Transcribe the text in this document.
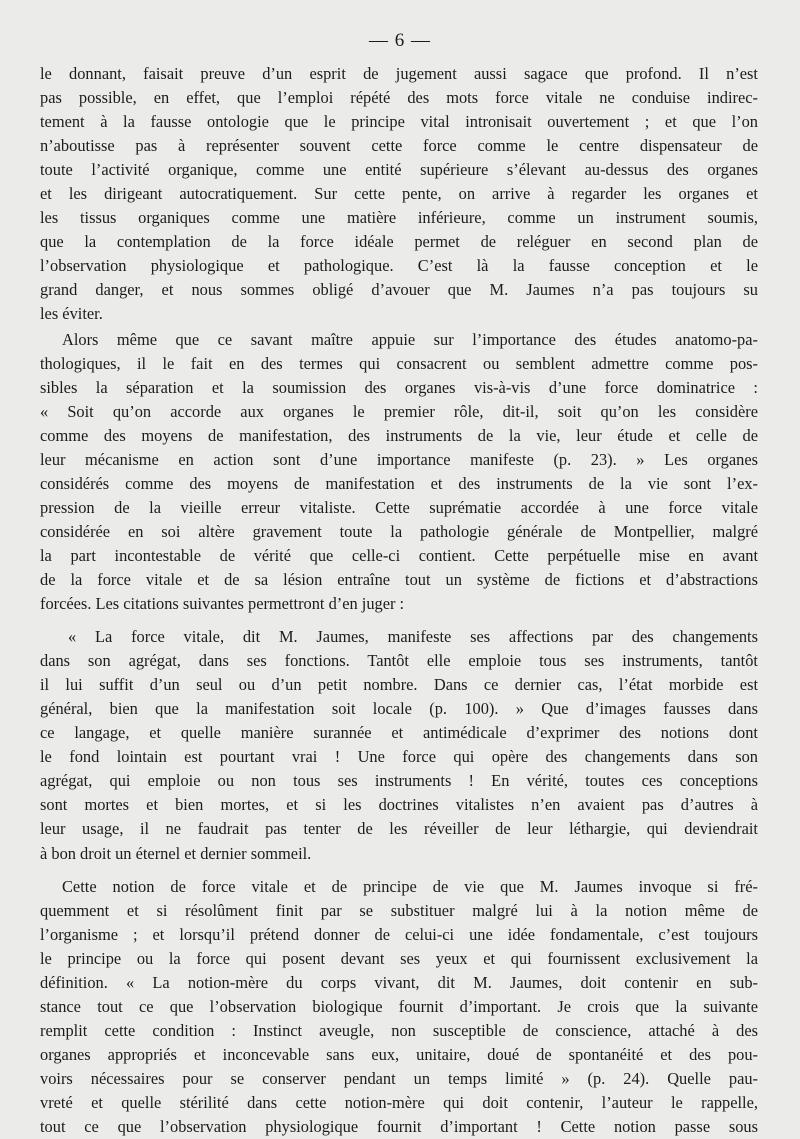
— 6 —
le donnant, faisait preuve d’un esprit de jugement aussi sagace que profond. Il n’est
pas possible, en effet, que l’emploi répété des mots force vitale ne conduise indirec-
tement à la fausse ontologie que le principe vital intronisait ouvertement ; et que l’on
n’aboutisse pas à représenter souvent cette force comme le centre dispensateur de
toute l’activité organique, comme une entité supérieure s’élevant au-dessus des organes
et les dirigeant autocratiquement. Sur cette pente, on arrive à regarder les organes et
les tissus organiques comme une matière inférieure, comme un instrument soumis,
que la contemplation de la force idéale permet de reléguer en second plan de
l’observation physiologique et pathologique. C’est là la fausse conception et le
grand danger, et nous sommes obligé d’avouer que M. Jaumes n’a pas toujours su
les éviter.
Alors même que ce savant maître appuie sur l’importance des études anatomo-pa-
thologiques, il le fait en des termes qui consacrent ou semblent admettre comme pos-
sibles la séparation et la soumission des organes vis-à-vis d’une force dominatrice :
« Soit qu’on accorde aux organes le premier rôle, dit-il, soit qu’on les considère
comme des moyens de manifestation, des instruments de la vie, leur étude et celle de
leur mécanisme en action sont d’une importance manifeste (p. 23). » Les organes
considérés comme des moyens de manifestation et des instruments de la vie sont l’ex-
pression de la vieille erreur vitaliste. Cette suprématie accordée à une force vitale
considérée en soi altère gravement toute la pathologie générale de Montpellier, malgré
la part incontestable de vérité que celle-ci contient. Cette perpétuelle mise en avant
de la force vitale et de sa lésion entraîne tout un système de fictions et d’abstractions
forcées. Les citations suivantes permettront d’en juger :
« La force vitale, dit M. Jaumes, manifeste ses affections par des changements
dans son agrégat, dans ses fonctions. Tantôt elle emploie tous ses instruments, tantôt
il lui suffit d’un seul ou d’un petit nombre. Dans ce dernier cas, l’état morbide est
général, bien que la manifestation soit locale (p. 100). » Que d’images fausses dans
ce langage, et quelle manière surannée et antimédicale d’exprimer des notions dont
le fond lointain est pourtant vrai ! Une force qui opère des changements dans son
agrégat, qui emploie ou non tous ses instruments ! En vérité, toutes ces conceptions
sont mortes et bien mortes, et si les doctrines vitalistes n’en avaient pas d’autres à
leur usage, il ne faudrait pas tenter de les réveiller de leur léthargie, qui deviendrait
à bon droit un éternel et dernier sommeil.
Cette notion de force vitale et de principe de vie que M. Jaumes invoque si fré-
quemment et si résolûment finit par se substituer malgré lui à la notion même de
l’organisme ; et lorsqu’il prétend donner de celui-ci une idée fondamentale, c’est toujours
le principe ou la force qui posent devant ses yeux et qui fournissent exclusivement la
définition. « La notion-mère du corps vivant, dit M. Jaumes, doit contenir en sub-
stance tout ce que l’observation biologique fournit d’important. Je crois que la suivante
remplit cette condition : Instinct aveugle, non susceptible de conscience, attaché à des
organes appropriés et inconcevable sans eux, unitaire, doué de spontanéité et des pou-
voirs nécessaires pour se conserver pendant un temps limité » (p. 24). Quelle pau-
vreté et quelle stérilité dans cette notion-mère qui doit contenir, l’auteur le rappelle,
tout ce que l’observation physiologique fournit d’important ! Cette notion passe sous
